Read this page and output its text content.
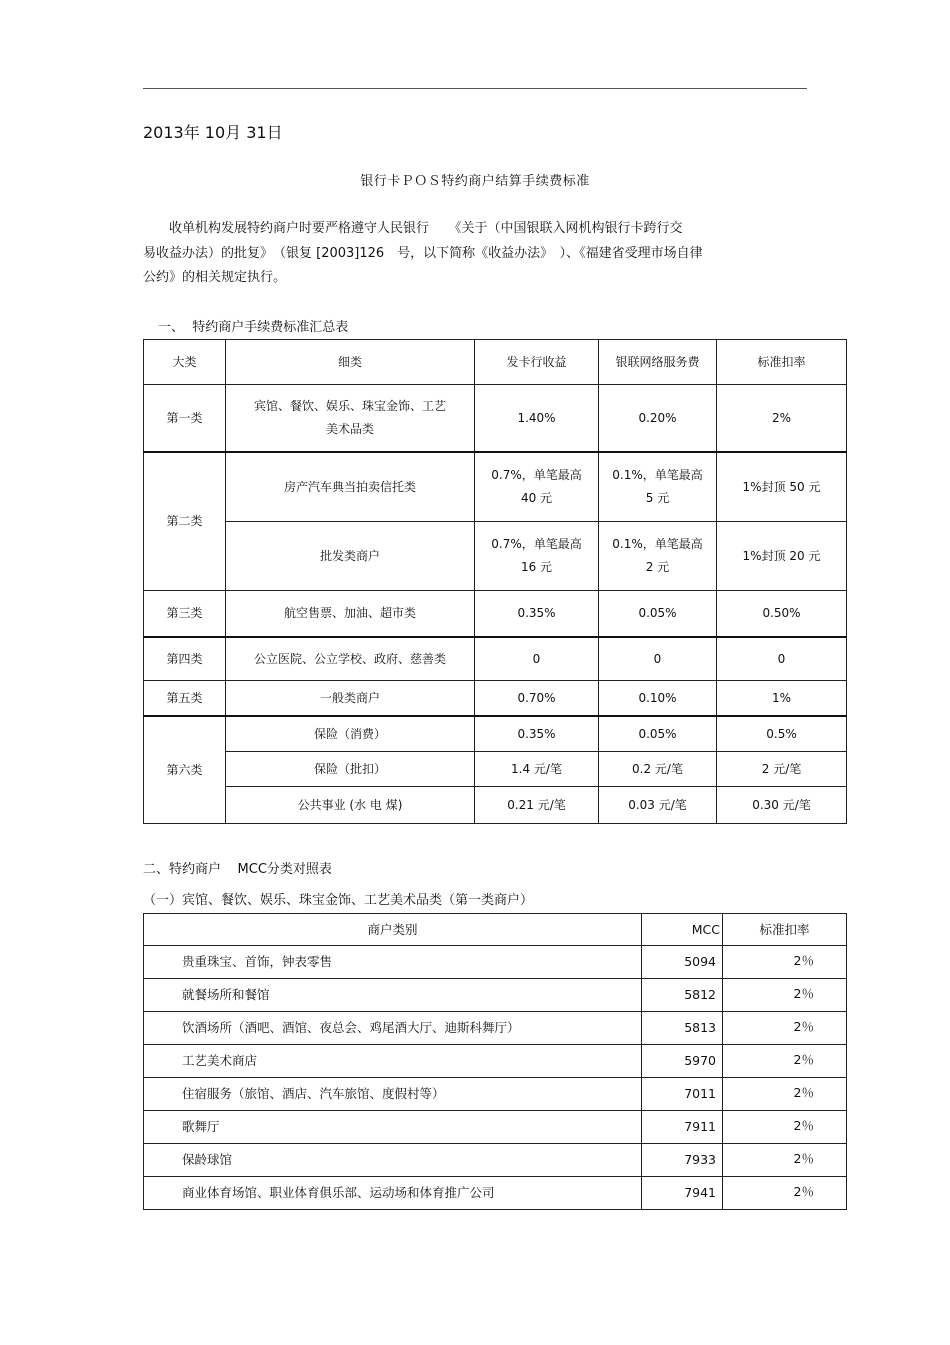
2013年 10月 31日
银行卡ＰＯＳ特约商户结算手续费标准
　　收单机构发展特约商户时要严格遵守人民银行　　《关于（中国银联入网机构银行卡跨行交
易收益办法）的批复》　（银复 [2003]126　号，以下简称《收益办法》　）、《福建省受理市场自律
公约》的相关规定执行。
一、  特约商户手续费标准汇总表
大类	细类	发卡行收益	银联网络服务费	标准扣率
第一类	宾馆、餐饮、娱乐、珠宝金饰、工艺
美术品类	1.40%	0.20%	2%
第二类	房产汽车典当拍卖信托类	0.7%，单笔最高
40 元	0.1%，单笔最高
5 元	1%封顶 50 元
	批发类商户	0.7%，单笔最高
16 元	0.1%，单笔最高
2 元	1%封顶 20 元
第三类	航空售票、加油、超市类	0.35%	0.05%	0.50%
第四类	公立医院、公立学校、政府、慈善类	0	0	0
第五类	一般类商户	0.70%	0.10%	1%
第六类	保险（消费）	0.35%	0.05%	0.5%
	保险（批扣）	1.4 元/笔	0.2 元/笔	2 元/笔
	公共事业 (水 电 煤)	0.21 元/笔	0.03 元/笔	0.30 元/笔
二、特约商户    MCC分类对照表
（一）宾馆、餐饮、娱乐、珠宝金饰、工艺美术品类（第一类商户）
商户类别	MCC	标准扣率
贵重珠宝、首饰，钟表零售	5094	2％
就餐场所和餐馆	5812	2％
饮酒场所（酒吧、酒馆、夜总会、鸡尾酒大厅、迪斯科舞厅）	5813	2％
工艺美术商店	5970	2％
住宿服务（旅馆、酒店、汽车旅馆、度假村等）	7011	2％
歌舞厅	7911	2％
保龄球馆	7933	2％
商业体育场馆、职业体育俱乐部、运动场和体育推广公司	7941	2％
